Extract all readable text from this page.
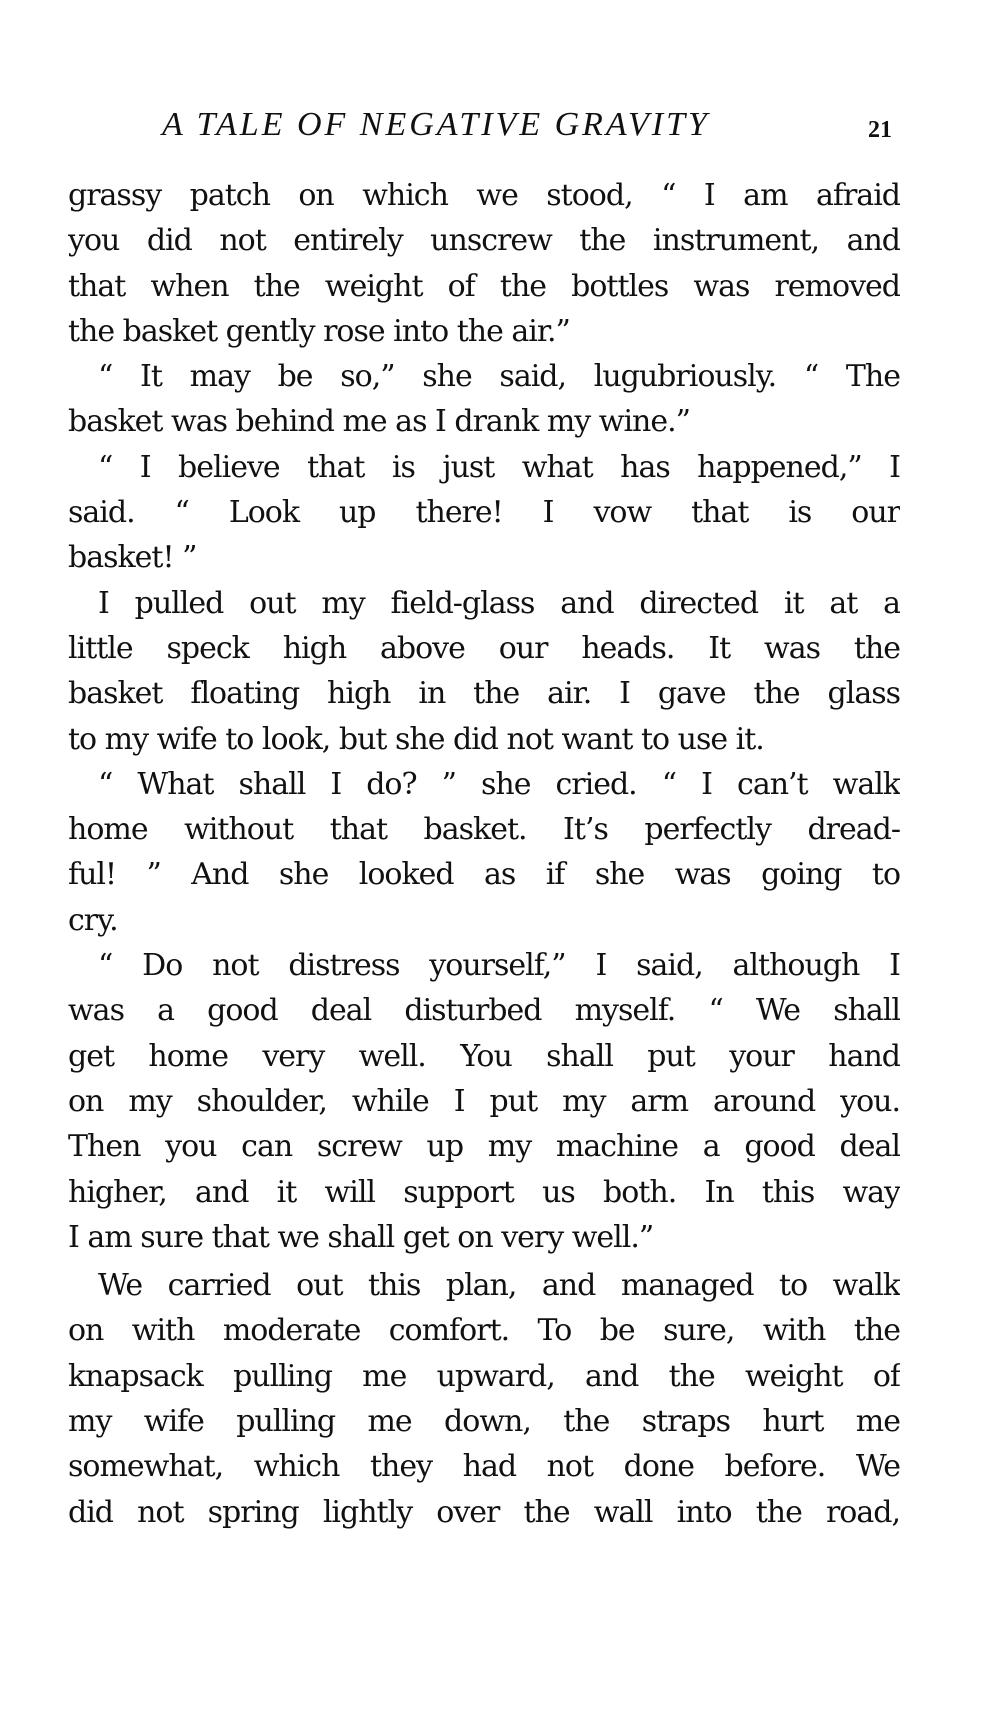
A TALE OF NEGATIVE GRAVITY	21
grassy patch on which we stood, “ I am afraid
you did not entirely unscrew the instrument, and
that when the weight of the bottles was removed
the basket gently rose into the air.”
“ It may be so,” she said, lugubriously. “ The
basket was behind me as I drank my wine.”
“ I believe that is just what has happened,” I
said. “ Look up there! I vow that is our
basket! ”
I pulled out my field-glass and directed it at a
little speck high above our heads. It was the
basket floating high in the air. I gave the glass
to my wife to look, but she did not want to use it.
“ What shall I do? ” she cried. “ I can’t walk
home without that basket. It’s perfectly dread-
ful! ” And she looked as if she was going to
cry.
“ Do not distress yourself,” I said, although I
was a good deal disturbed myself. “ We shall
get home very well. You shall put your hand
on my shoulder, while I put my arm around you.
Then you can screw up my machine a good deal
higher, and it will support us both. In this way
I am sure that we shall get on very well.”
We carried out this plan, and managed to walk
on with moderate comfort. To be sure, with the
knapsack pulling me upward, and the weight of
my wife pulling me down, the straps hurt me
somewhat, which they had not done before. We
did not spring lightly over the wall into the road,
